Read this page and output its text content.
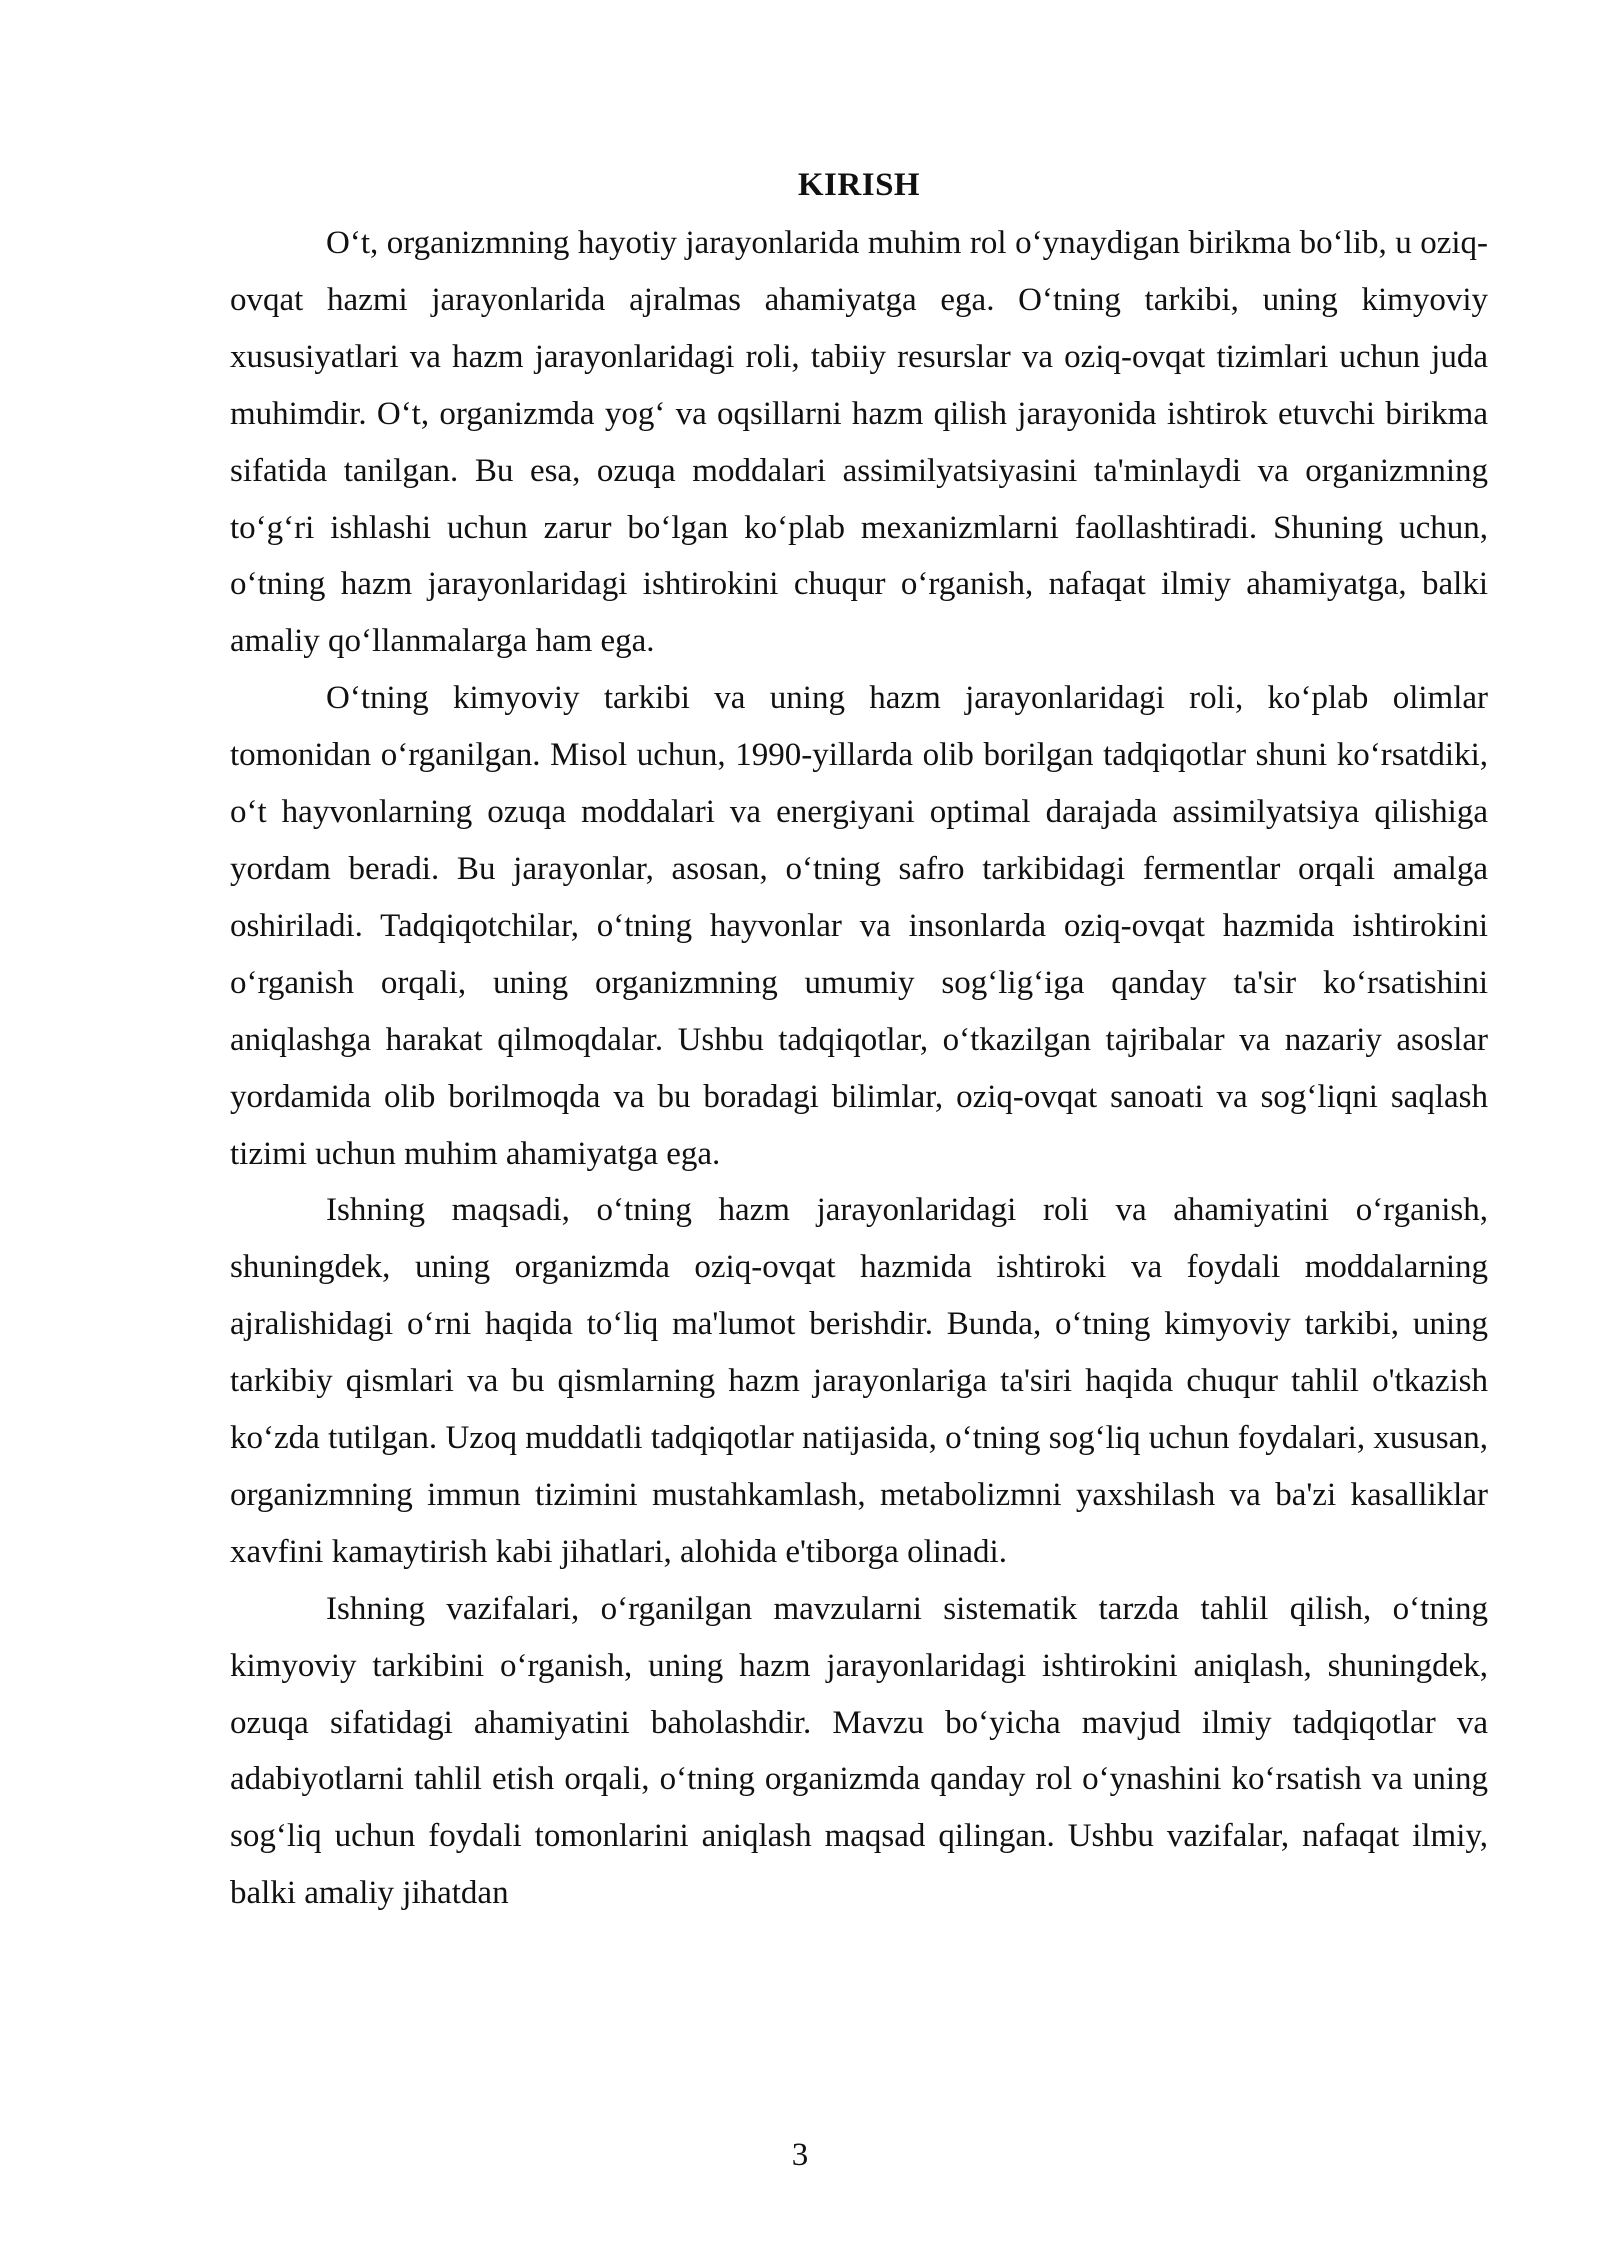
KIRISH

O‘t, organizmning hayotiy jarayonlarida muhim rol o‘ynaydigan birikma bo‘lib, u oziq-ovqat hazmi jarayonlarida ajralmas ahamiyatga ega. O‘tning tarkibi, uning kimyoviy xususiyatlari va hazm jarayonlaridagi roli, tabiiy resurslar va oziq-ovqat tizimlari uchun juda muhimdir. O‘t, organizmda yog‘ va oqsillarni hazm qilish jarayonida ishtirok etuvchi birikma sifatida tanilgan. Bu esa, ozuqa moddalari assimilyatsiyasini ta'minlaydi va organizmning to‘g‘ri ishlashi uchun zarur bo‘lgan ko‘plab mexanizmlarni faollashtiradi. Shuning uchun, o‘tning hazm jarayonlaridagi ishtirokini chuqur o‘rganish, nafaqat ilmiy ahamiyatga, balki amaliy qo‘llanmalarga ham ega.

O‘tning kimyoviy tarkibi va uning hazm jarayonlaridagi roli, ko‘plab olimlar tomonidan o‘rganilgan. Misol uchun, 1990-yillarda olib borilgan tadqiqotlar shuni ko‘rsatdiki, o‘t hayvonlarning ozuqa moddalari va energiyani optimal darajada assimilyatsiya qilishiga yordam beradi. Bu jarayonlar, asosan, o‘tning safro tarkibidagi fermentlar orqali amalga oshiriladi. Tadqiqotchilar, o‘tning hayvonlar va insonlarda oziq-ovqat hazmida ishtirokini o‘rganish orqali, uning organizmning umumiy sog‘lig‘iga qanday ta'sir ko‘rsatishini aniqlashga harakat qilmoqdalar. Ushbu tadqiqotlar, o‘tkazilgan tajribalar va nazariy asoslar yordamida olib borilmoqda va bu boradagi bilimlar, oziq-ovqat sanoati va sog‘liqni saqlash tizimi uchun muhim ahamiyatga ega.

Ishning maqsadi, o‘tning hazm jarayonlaridagi roli va ahamiyatini o‘rganish, shuningdek, uning organizmda oziq-ovqat hazmida ishtiroki va foydali moddalarning ajralishidagi o‘rni haqida to‘liq ma'lumot berishdir. Bunda, o‘tning kimyoviy tarkibi, uning tarkibiy qismlari va bu qismlarning hazm jarayonlariga ta'siri haqida chuqur tahlil o'tkazish ko‘zda tutilgan. Uzoq muddatli tadqiqotlar natijasida, o‘tning sog‘liq uchun foydalari, xususan, organizmning immun tizimini mustahkamlash, metabolizmni yaxshilash va ba'zi kasalliklar xavfini kamaytirish kabi jihatlari, alohida e'tiborga olinadi.

Ishning vazifalari, o‘rganilgan mavzularni sistematik tarzda tahlil qilish, o‘tning kimyoviy tarkibini o‘rganish, uning hazm jarayonlaridagi ishtirokini aniqlash, shuningdek, ozuqa sifatidagi ahamiyatini baholashdir. Mavzu bo‘yicha mavjud ilmiy tadqiqotlar va adabiyotlarni tahlil etish orqali, o‘tning organizmda qanday rol o‘ynashini ko‘rsatish va uning sog‘liq uchun foydali tomonlarini aniqlash maqsad qilingan. Ushbu vazifalar, nafaqat ilmiy, balki amaliy jihatdan

3
